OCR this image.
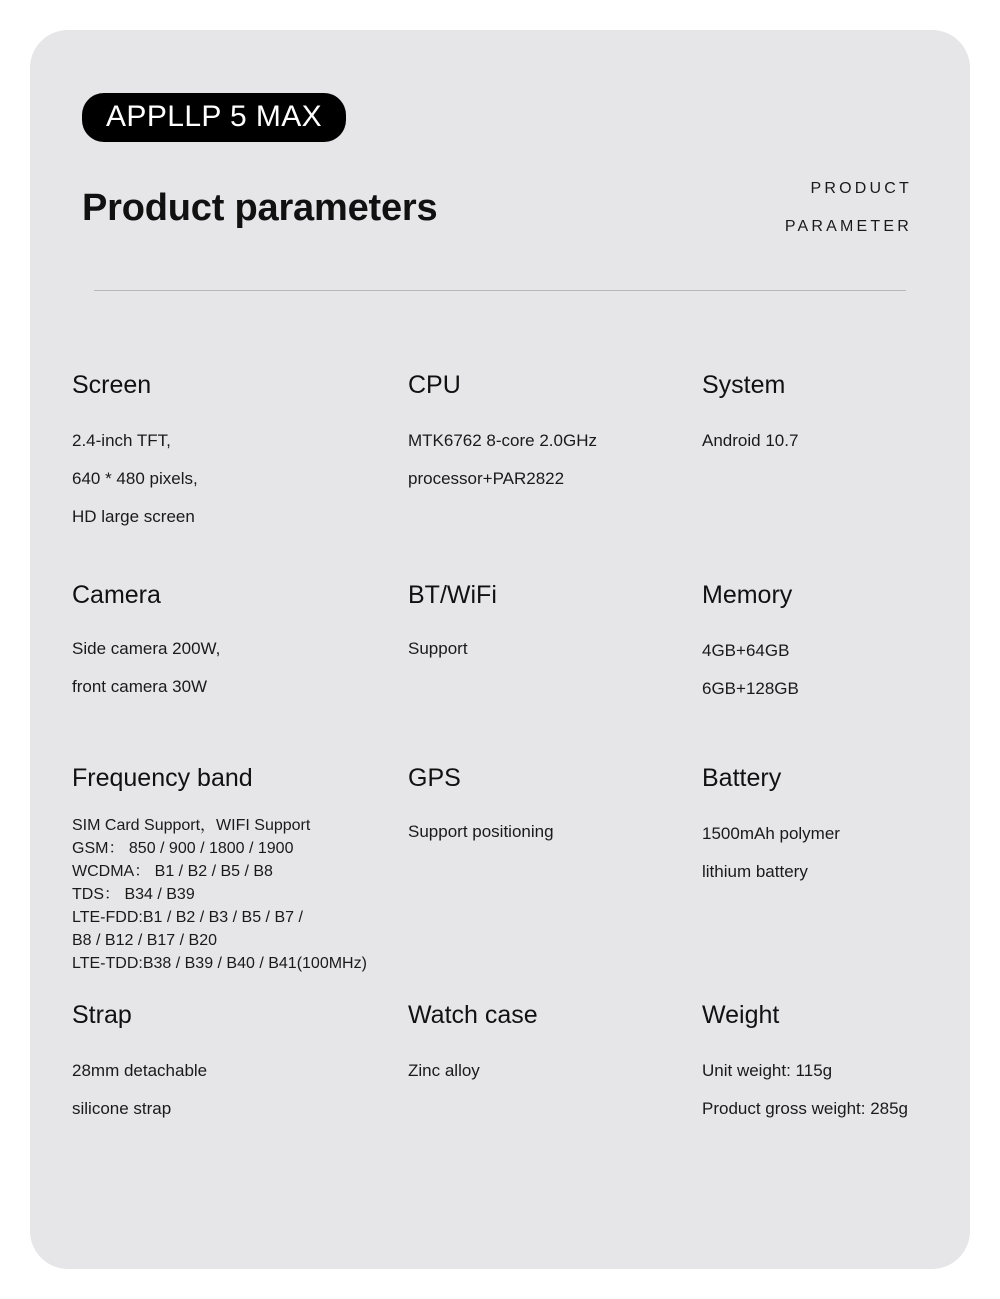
APPLLP 5 MAX
Product parameters	PRODUCT
PARAMETER
Screen
2.4-inch TFT,
640 * 480 pixels,
HD large screen
CPU
MTK6762 8-core 2.0GHz
processor+PAR2822
System
Android 10.7
Camera
Side camera 200W,
front camera 30W
BT/WiFi
Support
Memory
4GB+64GB
6GB+128GB
Frequency band
SIM Card Support，WIFI Support
GSM： 850 / 900 / 1800 / 1900
WCDMA： B1 / B2 / B5 / B8
TDS： B34 / B39
LTE-FDD:B1 / B2 / B3 / B5 / B7 /
B8 / B12 / B17 / B20
LTE-TDD:B38 / B39 / B40 / B41(100MHz)
GPS
Support positioning
Battery
1500mAh polymer
lithium battery
Strap
28mm detachable
silicone strap
Watch case
Zinc alloy
Weight
Unit weight: 115g
Product gross weight: 285g
